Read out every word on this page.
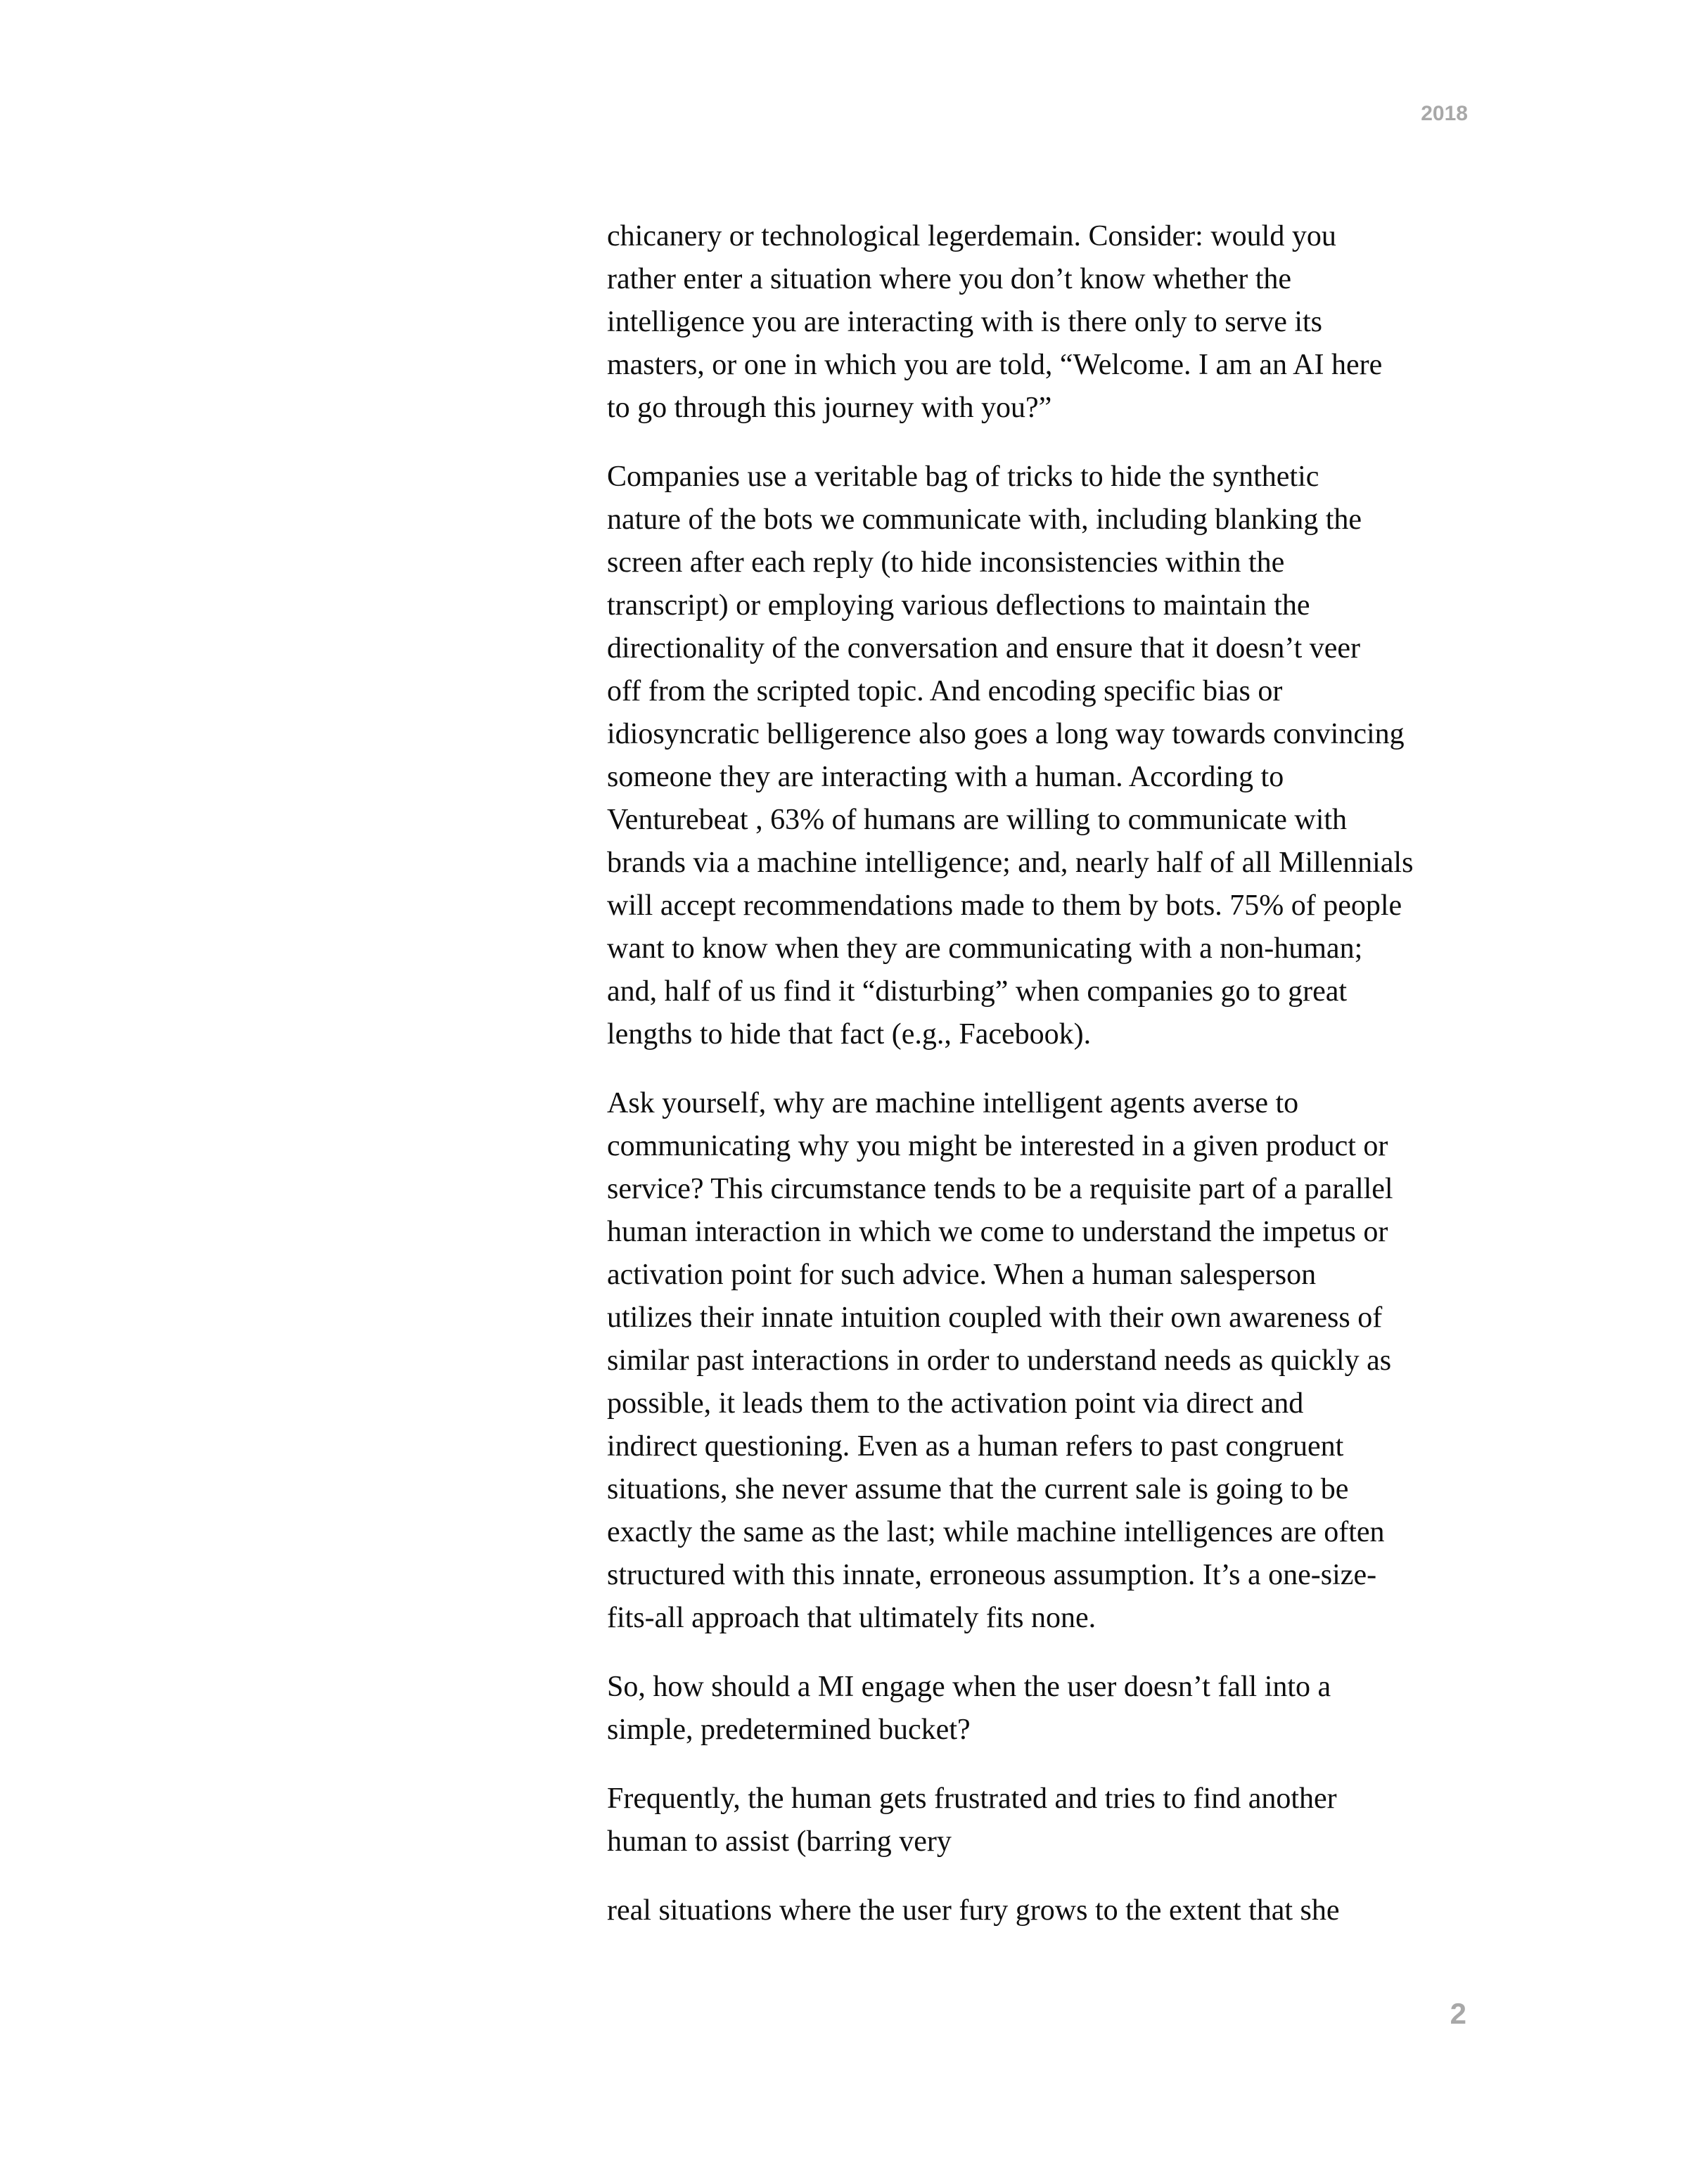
2018
chicanery or technological legerdemain. Consider: would you
rather enter a situation where you don’t know whether the
intelligence you are interacting with is there only to serve its
masters, or one in which you are told, “Welcome. I am an AI here
to go through this journey with you?”
Companies use a veritable bag of tricks to hide the synthetic
nature of the bots we communicate with, including blanking the
screen after each reply (to hide inconsistencies within the
transcript) or employing various deflections to maintain the
directionality of the conversation and ensure that it doesn’t veer
off from the scripted topic. And encoding specific bias or
idiosyncratic belligerence also goes a long way towards convincing
someone they are interacting with a human. According to
Venturebeat , 63% of humans are willing to communicate with
brands via a machine intelligence; and, nearly half of all Millennials
will accept recommendations made to them by bots. 75% of people
want to know when they are communicating with a non-human;
and, half of us find it “disturbing” when companies go to great
lengths to hide that fact (e.g., Facebook).
Ask yourself, why are machine intelligent agents averse to
communicating why you might be interested in a given product or
service? This circumstance tends to be a requisite part of a parallel
human interaction in which we come to understand the impetus or
activation point for such advice. When a human salesperson
utilizes their innate intuition coupled with their own awareness of
similar past interactions in order to understand needs as quickly as
possible, it leads them to the activation point via direct and
indirect questioning. Even as a human refers to past congruent
situations, she never assume that the current sale is going to be
exactly the same as the last; while machine intelligences are often
structured with this innate, erroneous assumption. It’s a one-size-
fits-all approach that ultimately fits none.
So, how should a MI engage when the user doesn’t fall into a
simple, predetermined bucket?
Frequently, the human gets frustrated and tries to find another
human to assist (barring very
real situations where the user fury grows to the extent that she
2
